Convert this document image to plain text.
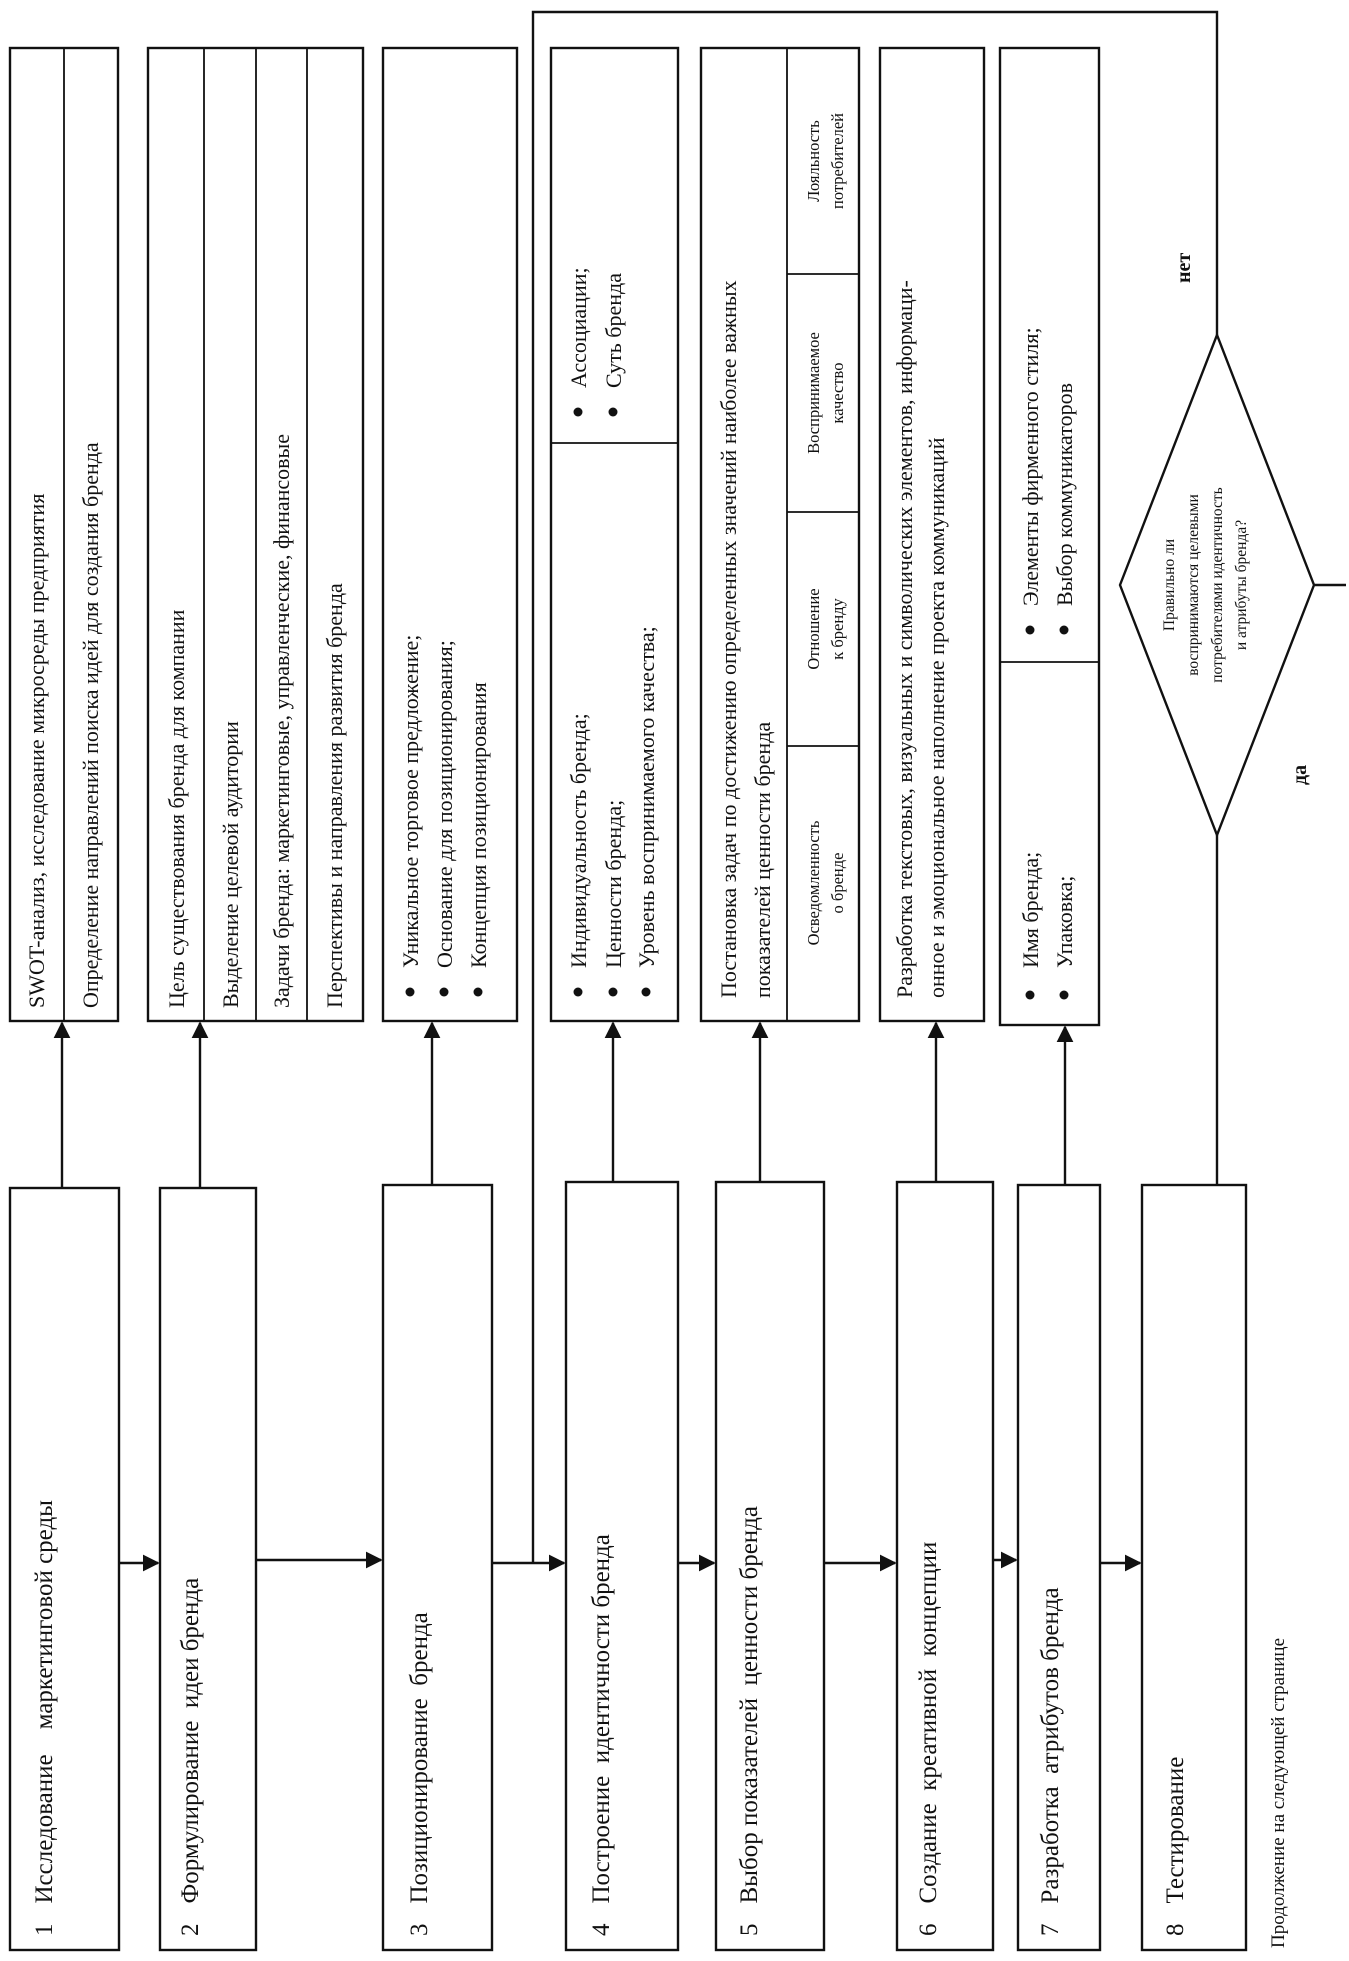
1Исследование    маркетинговой среды
2Формулирование  идеи бренда
3Позиционирование  бренда
4Построение  идентичности бренда
5Выбор показателей  ценности бренда
6Создание  креативной  концепции
7Разработка  атрибутов бренда
8Тестирование
SWOT-анализ, исследование микросреды предприятия Определение направлений поиска идей для создания бренда	Цель существования бренда для компании Выделение целевой аудитории Задачи бренда: маркетинговые, управленческие, финансовые Перспективы и направления развития бренда Уникальное торговое предложение; Основание для позиционирования; Концепция позиционирования	Индивидуальность бренда; Ценности бренда; Уровень воспринимаемого качества;
Ассоциации; Суть бренда	Постановка задач по достижению определенных значений наиболее важных показателей ценности бренда Осведомленность о бренде
Отношение к бренду
Воспринимаемое качество
Лояльность потребителей
Разработка текстовых, визуальных и символических элементов, информаци- онное и эмоциональное наполнение проекта коммуникаций	Имя бренда; Упаковка;
Элементы фирменного стиля; Выбор коммуникаторов	Правильно ли воспринимаются целевыми потребителями идентичность и атрибуты бренда?
да
нет
Продолжение на следующей странице
